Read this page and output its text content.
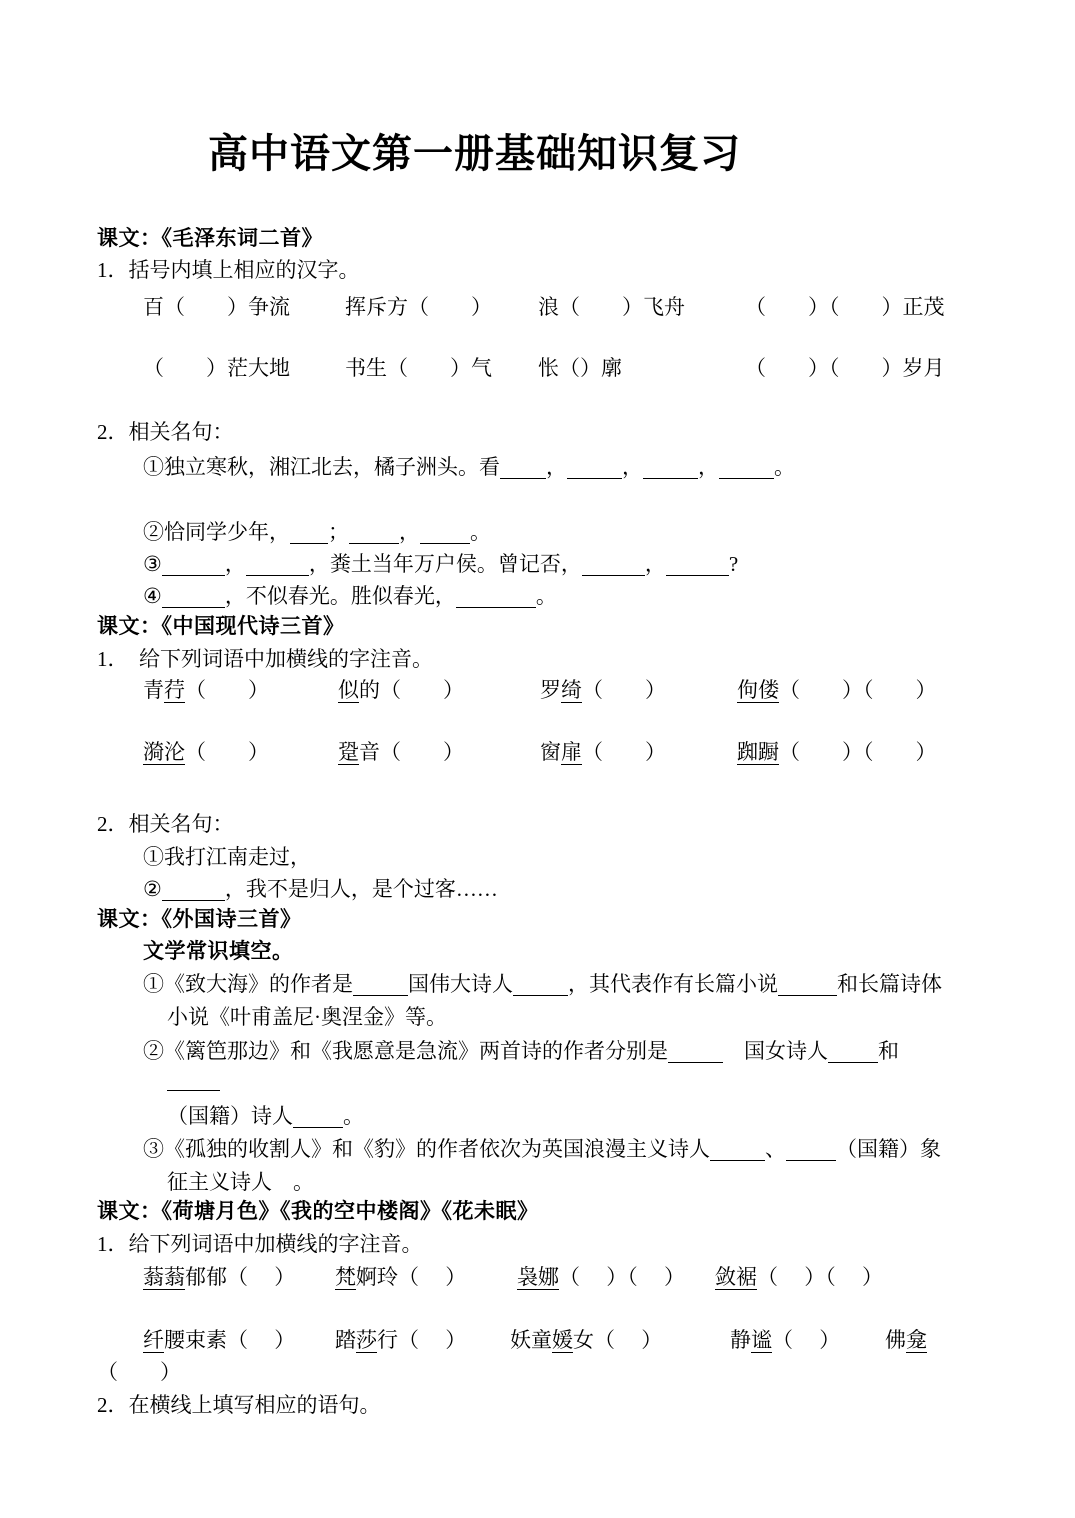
高中语文第一册基础知识复习
课文：《毛泽东词二首》
1．括号内填上相应的汉字。
百（　　）争流	挥斥方（　　） 浪（　　）飞舟	（　　）（　　）正茂
（　　）茫大地	书生（　　）气 怅（）廓	（　　）（　　）岁月
2．相关名句：
①独立寒秋，湘江北去，橘子洲头。看 ，	，	，	。
②恰同学少年， ； ， 。
③	，	，粪土当年万户侯。曾记否，	，	?
④	，不似春光。胜似春光，	。
课文：《中国现代诗三首》
1．　给下列词语中加横线的字注音。
青荇（　　）	似的（　　）	罗绮（　　）	佝偻（　　）（　　）
漪沦（　　）	跫音（　　）	窗扉（　　）	踟蹰（　　）（　　）
2．相关名句：
①我打江南走过，
②	，我不是归人，是个过客……
课文：《外国诗三首》
文学常识填空。
①《致大海》的作者是	国伟大诗人	，其代表作有长篇小说	和长篇诗体
小说《叶甫盖尼·奥涅金》等。
②《篱笆那边》和《我愿意是急流》两首诗的作者分别是	　国女诗人 和
（国籍）诗人 。
③《孤独的收割人》和《豹》的作者依次为英国浪漫主义诗人	、 （国籍）象
征主义诗人　。
课文：《荷塘月色》《我的空中楼阁》《花未眠》
1．给下列词语中加横线的字注音。
蓊蓊郁郁（　 ） 梵婀玲（　 ） 袅娜（　 ）（　 ） 敛裾（　 ）（　 ）
纤腰束素（　 ） 踏莎行（　 ） 妖童媛女（　 ）	静谧（　 ） 佛龛
（　　）
2．在横线上填写相应的语句。
